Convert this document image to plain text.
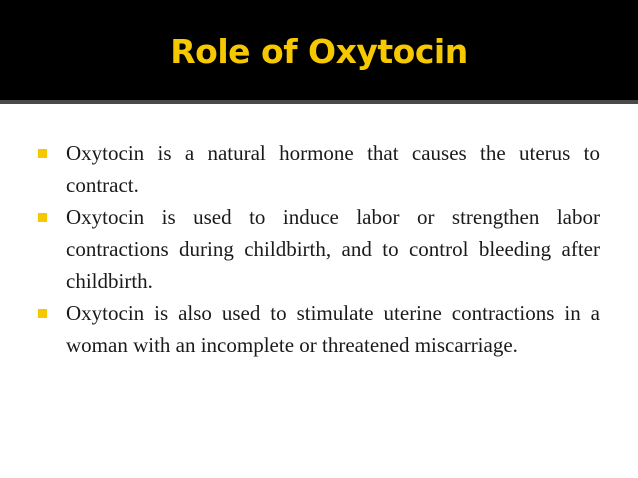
Role of Oxytocin
Oxytocin is a natural hormone that causes the uterus to contract.
Oxytocin is used to induce labor or strengthen labor contractions during childbirth, and to control bleeding after childbirth.
Oxytocin is also used to stimulate uterine contractions in a woman with an incomplete or threatened miscarriage.
